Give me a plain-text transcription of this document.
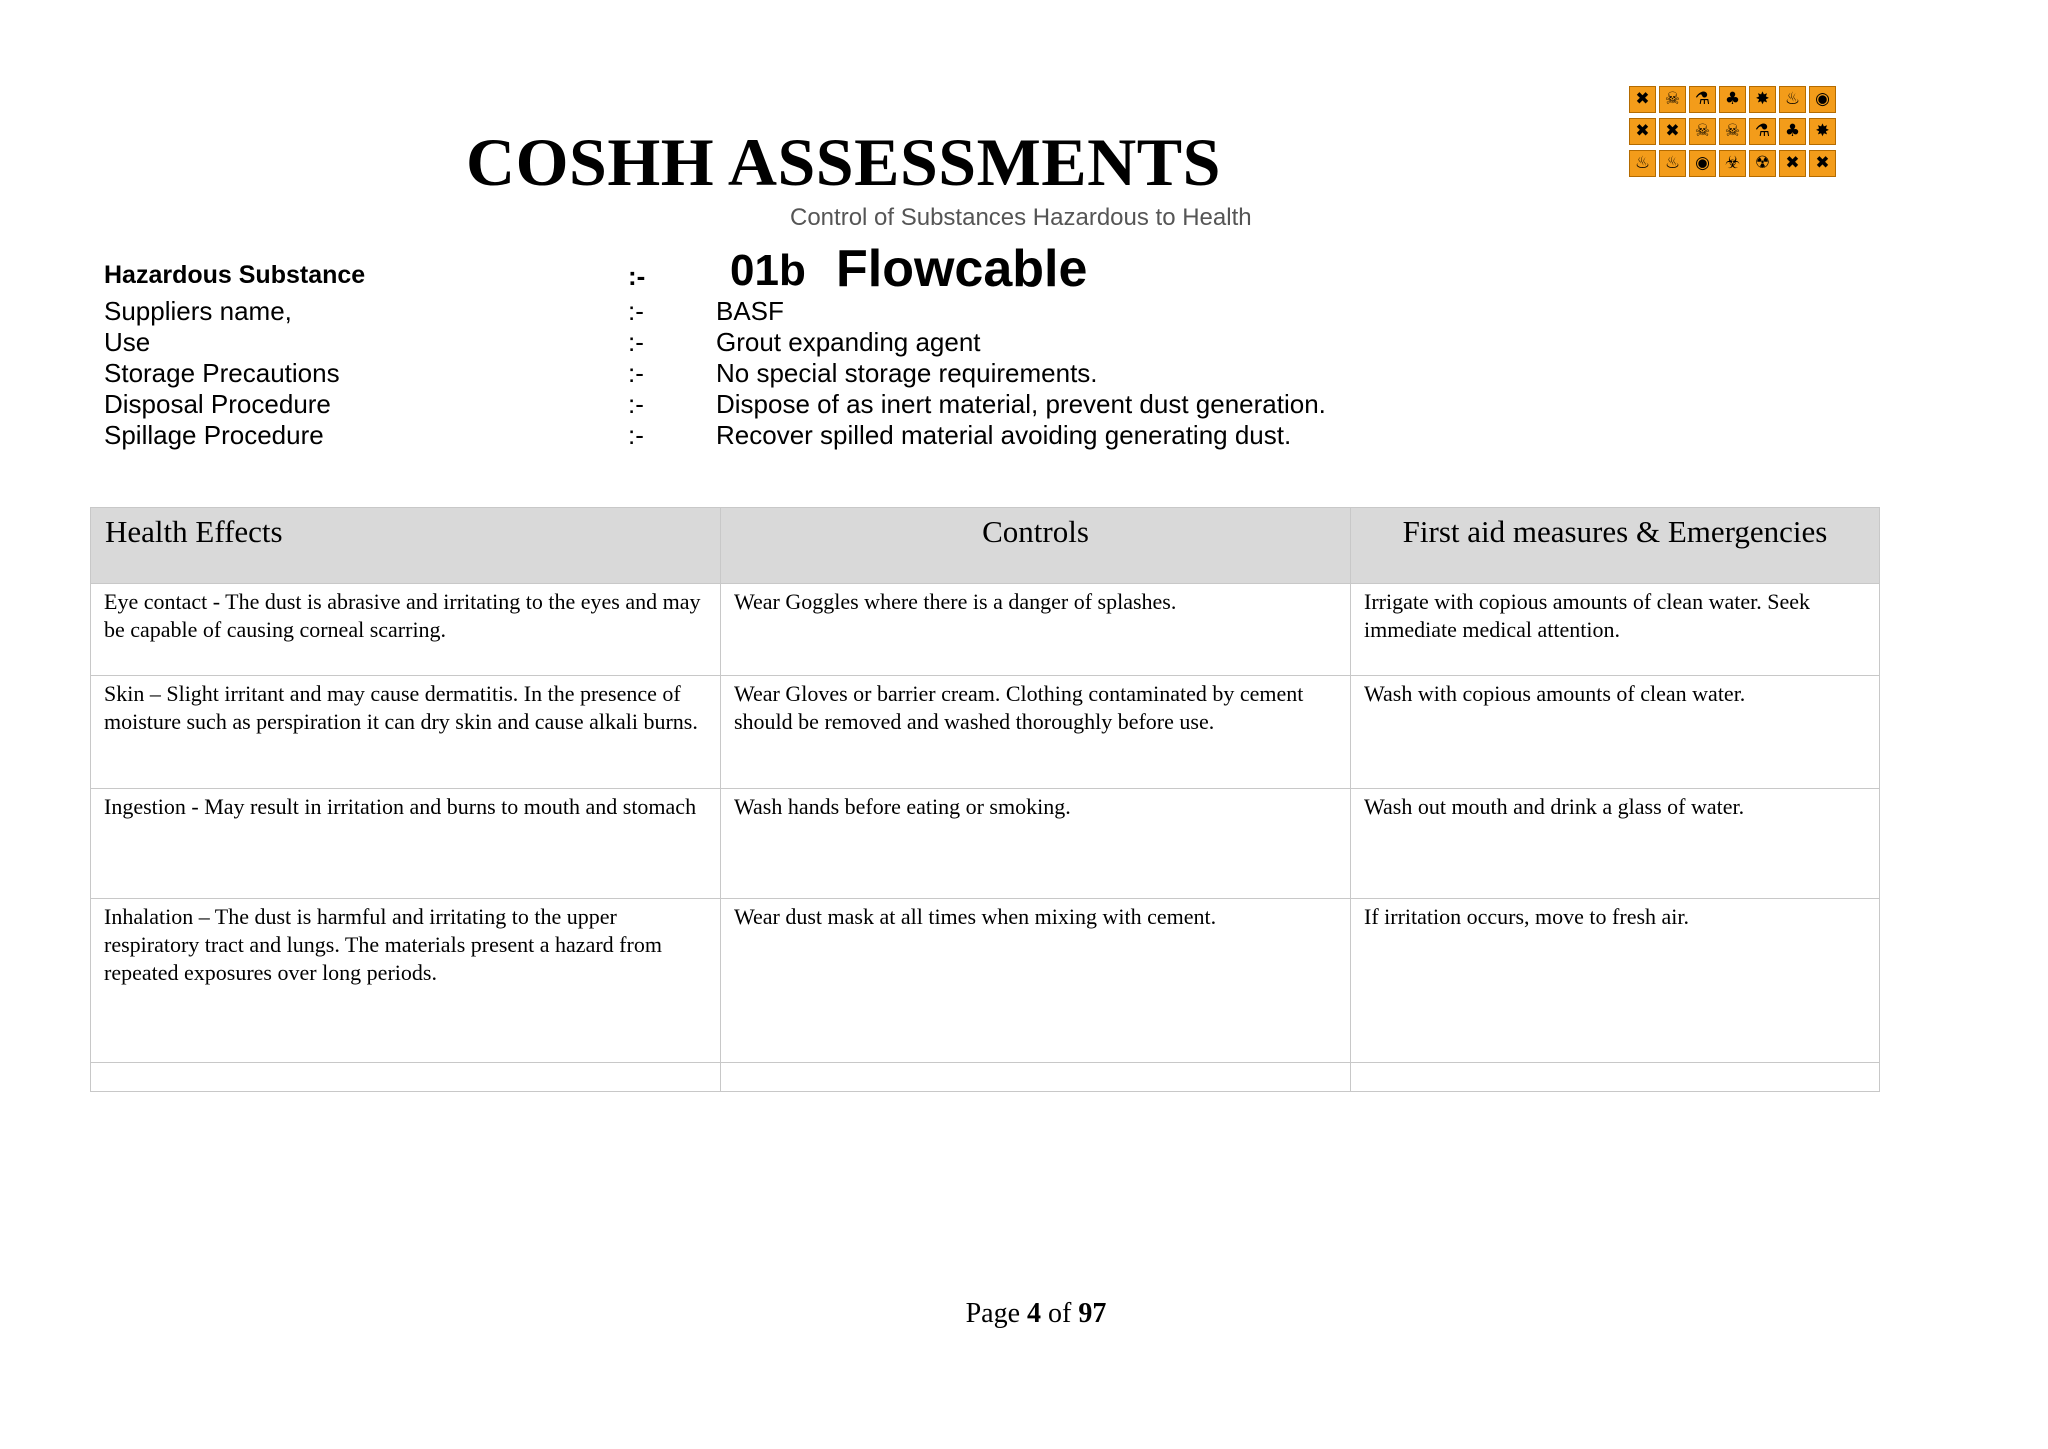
COSHH ASSESSMENTS
Control of Substances Hazardous to Health
✖ ☠ ⚗ ♣ ✸ ♨ ◉
✖ ✖ ☠ ☠ ⚗ ♣ ✸
♨ ♨ ◉ ☣ ☢ ✖ ✖
Hazardous Substance	:- 01b Flowcable
Suppliers name,	:-	BASF
Use	:-	Grout expanding agent
Storage Precautions	:-	No special storage requirements.
Disposal Procedure	:-	Dispose of as inert material, prevent dust generation.
Spillage Procedure	:-	Recover spilled material avoiding generating dust.
Health Effects	Controls	First aid measures & Emergencies
Eye contact - The dust is abrasive and irritating to the eyes and may be capable of causing corneal scarring.	Wear Goggles where there is a danger of splashes.	Irrigate with copious amounts of clean water. Seek immediate medical attention.
Skin – Slight irritant and may cause dermatitis. In the presence of moisture such as perspiration it can dry skin and cause alkali burns.	Wear Gloves or barrier cream. Clothing contaminated by cement should be removed and washed thoroughly before use.	Wash with copious amounts of clean water.
Ingestion - May result in irritation and burns to mouth and stomach	Wash hands before eating or smoking.	Wash out mouth and drink a glass of water.
Inhalation – The dust is harmful and irritating to the upper respiratory tract and lungs. The materials present a hazard from repeated exposures over long periods.	Wear dust mask at all times when mixing with cement.	If irritation occurs, move to fresh air.

Page 4 of 97
